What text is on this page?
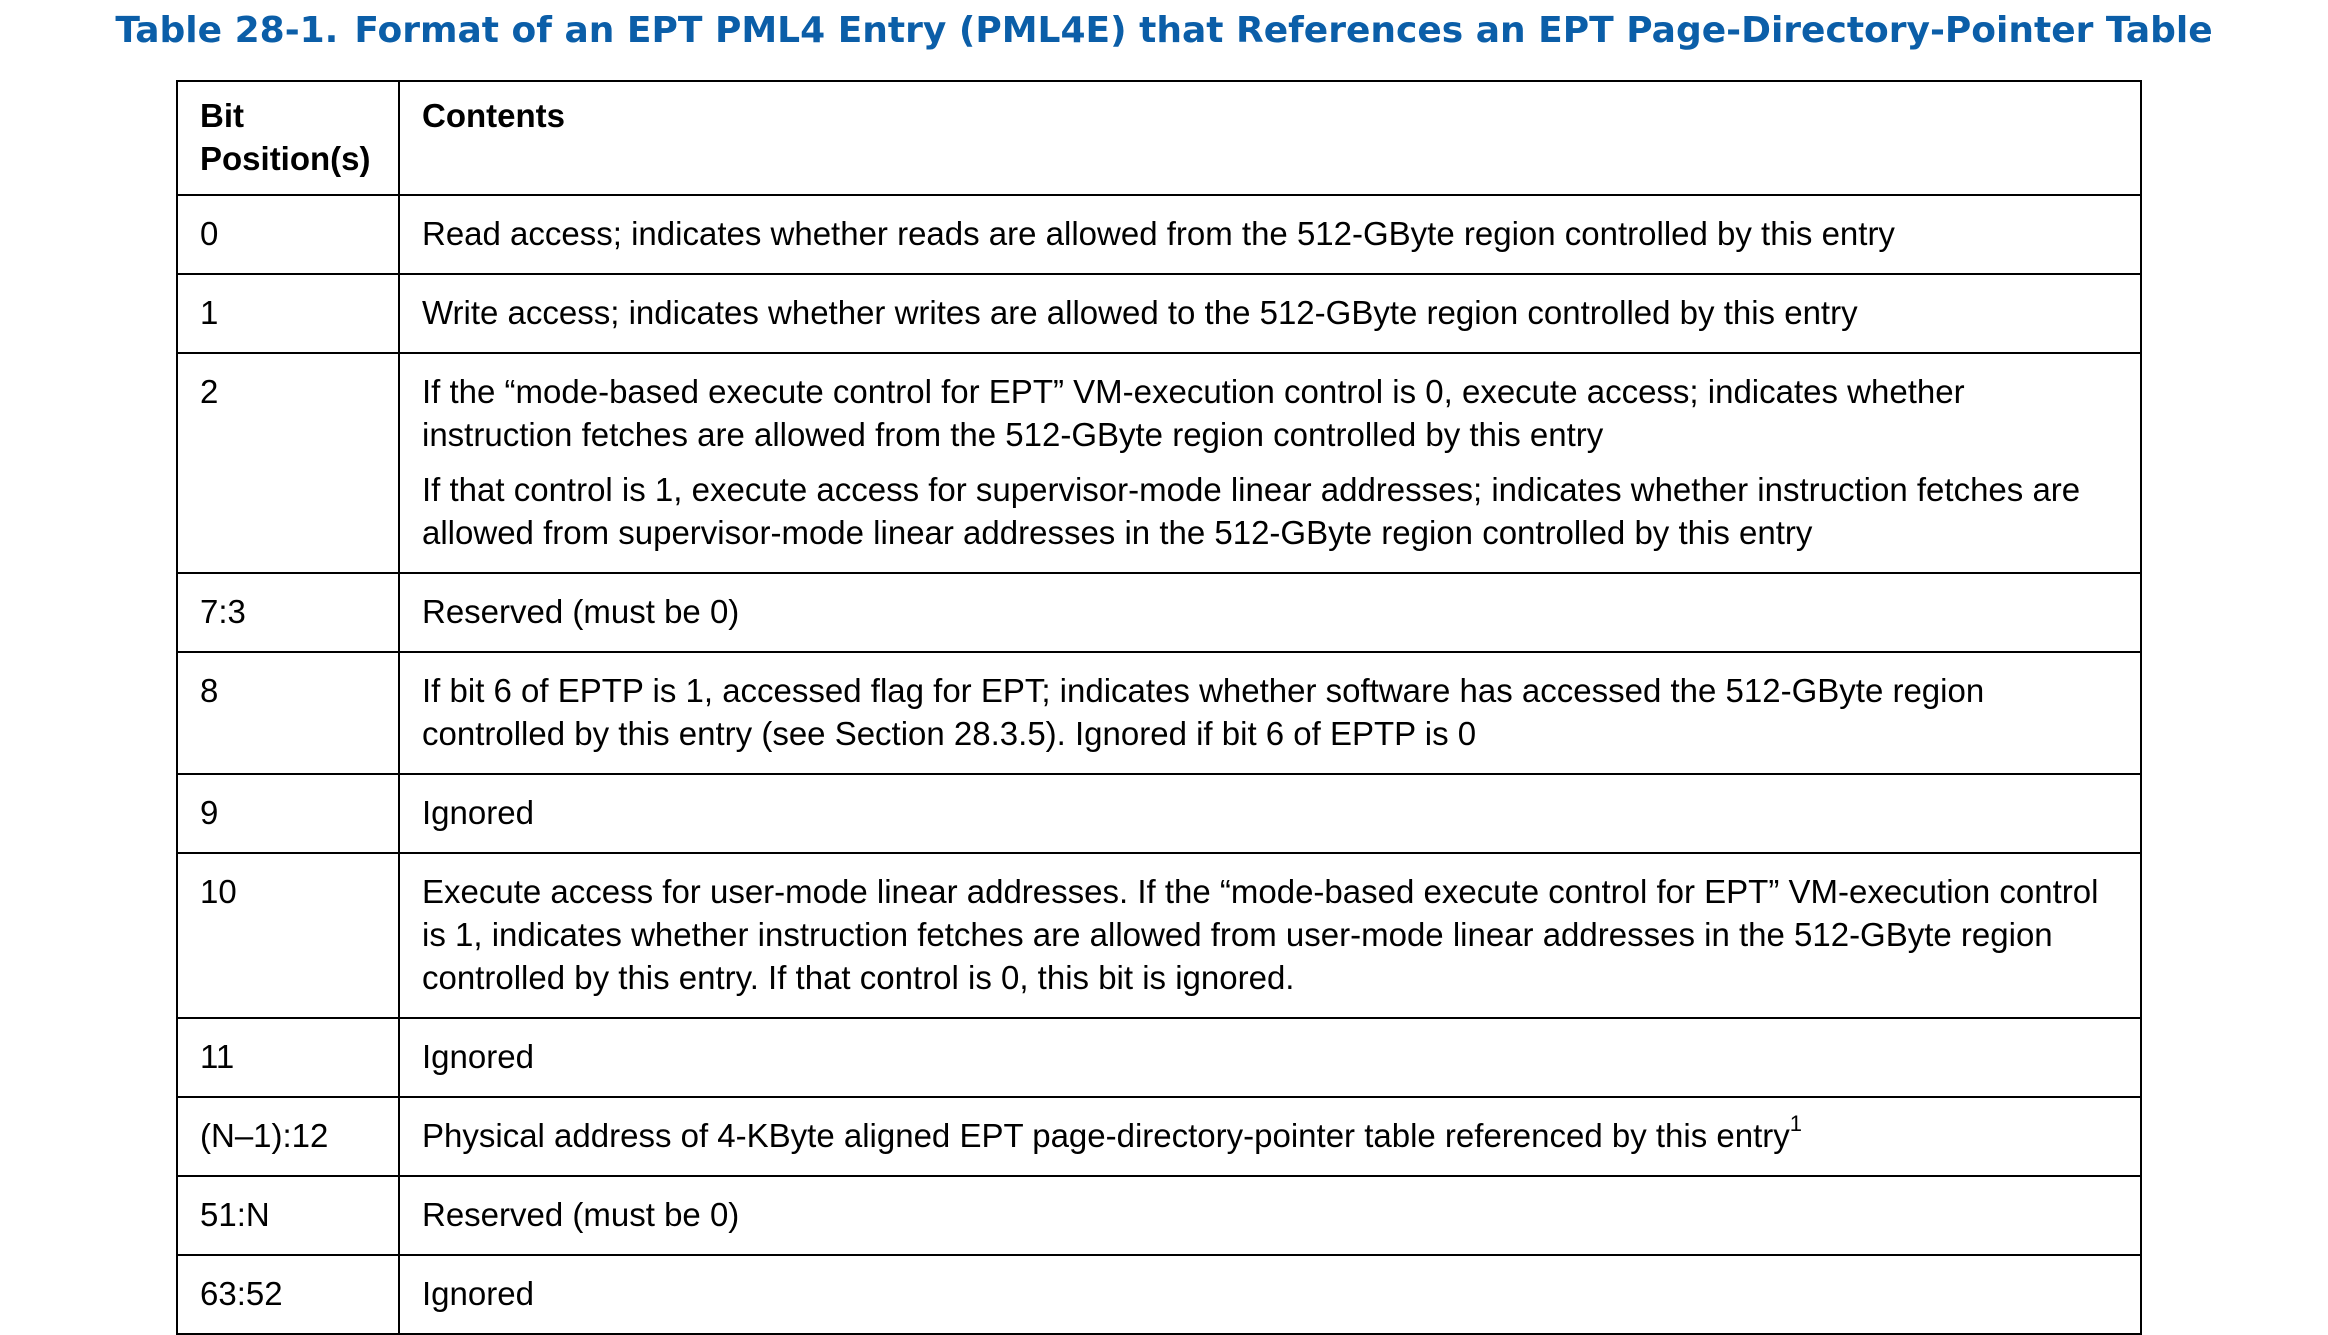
Table 28-1. Format of an EPT PML4 Entry (PML4E) that References an EPT Page-Directory-Pointer Table
Bit
Position(s)	Contents
0	Read access; indicates whether reads are allowed from the 512-GByte region controlled by this entry

1	Write access; indicates whether writes are allowed to the 512-GByte region controlled by this entry

2	If the “mode-based execute control for EPT” VM-execution control is 0, execute access; indicates whether instruction fetches are allowed from the 512-GByte region controlled by this entry

If that control is 1, execute access for supervisor-mode linear addresses; indicates whether instruction fetches are allowed from supervisor-mode linear addresses in the 512-GByte region controlled by this entry

7:3	Reserved (must be 0)

8	If bit 6 of EPTP is 1, accessed flag for EPT; indicates whether software has accessed the 512-GByte region controlled by this entry (see Section 28.3.5). Ignored if bit 6 of EPTP is 0

9	Ignored

10	Execute access for user-mode linear addresses. If the “mode-based execute control for EPT” VM-execution control is 1, indicates whether instruction fetches are allowed from user-mode linear addresses in the 512-GByte region controlled by this entry. If that control is 0, this bit is ignored.

11	Ignored

(N–1):12	Physical address of 4-KByte aligned EPT page-directory-pointer table referenced by this entry$^1$

51:N	Reserved (must be 0)

63:52	Ignored
